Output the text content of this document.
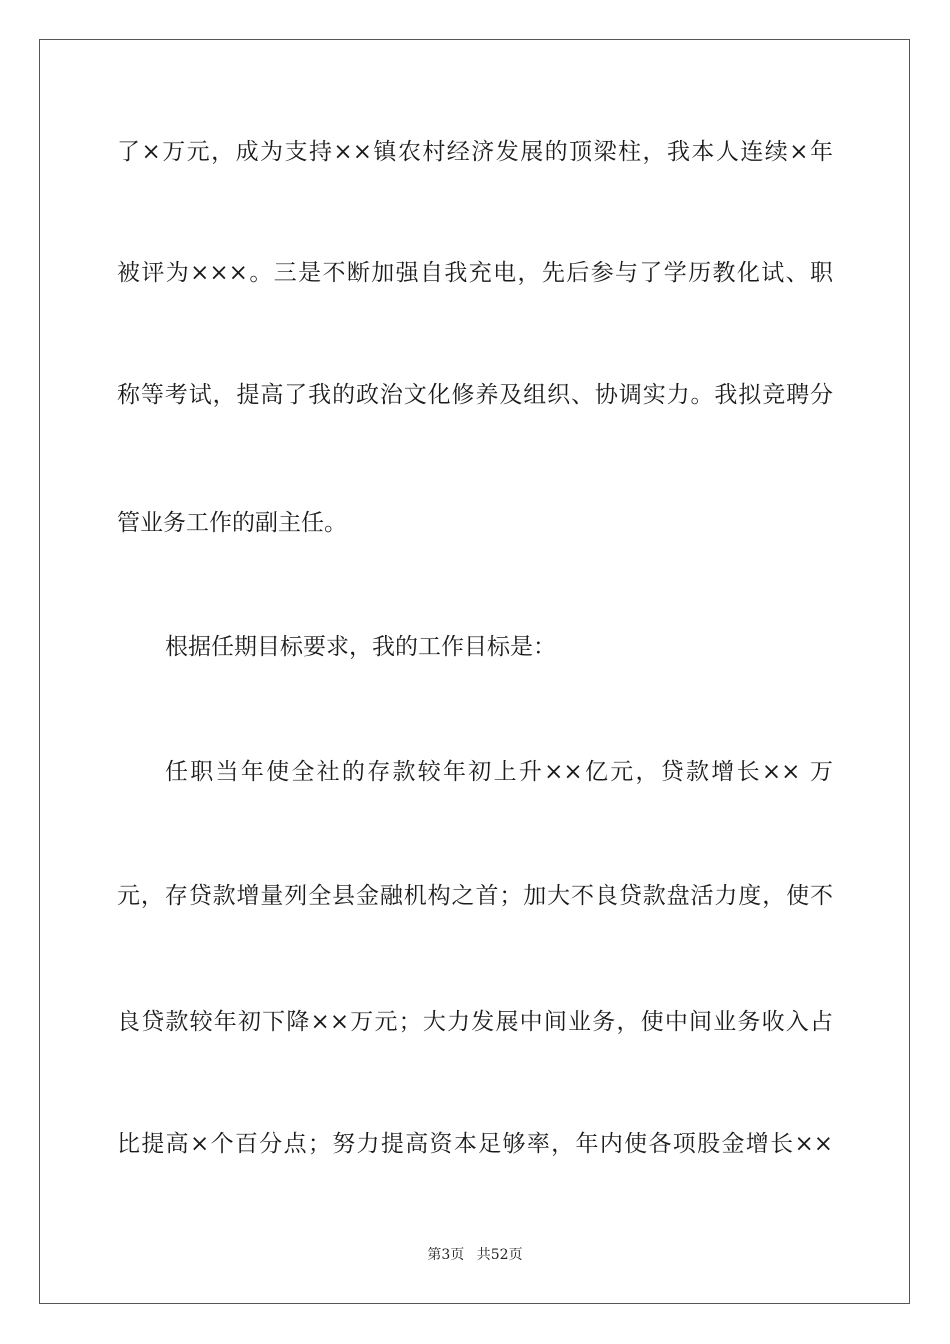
了×万元，成为支持××镇农村经济发展的顶梁柱，我本人连续×年
被评为×××。三是不断加强自我充电，先后参与了学历教化试、职
称等考试，提高了我的政治文化修养及组织、协调实力。我拟竞聘分
管业务工作的副主任。
根据任期目标要求，我的工作目标是：
任职当年使全社的存款较年初上升××亿元，贷款增长×× 万
元，存贷款增量列全县金融机构之首；加大不良贷款盘活力度，使不
良贷款较年初下降××万元；大力发展中间业务，使中间业务收入占
比提高×个百分点；努力提高资本足够率，年内使各项股金增长××
第3页 共52页
